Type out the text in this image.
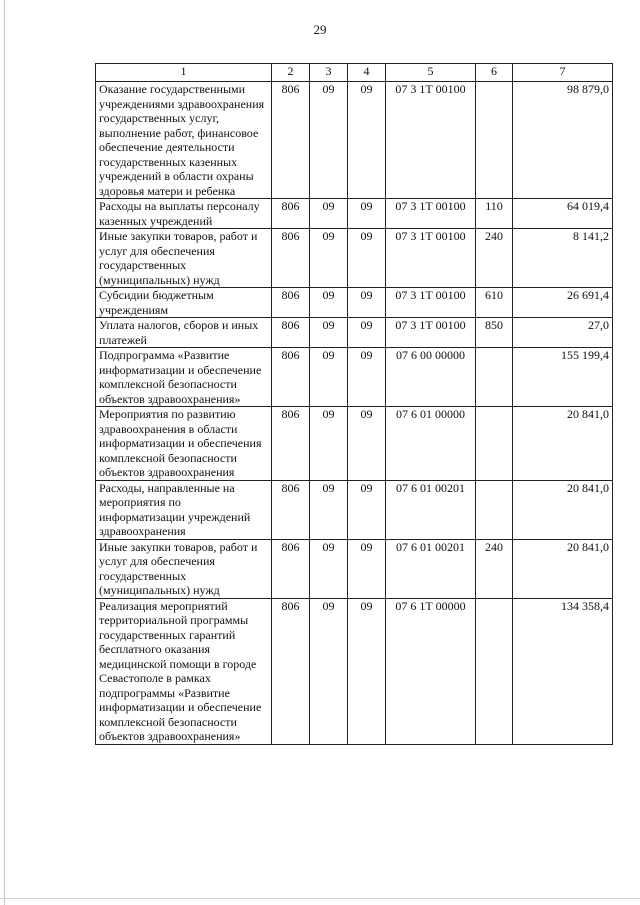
29
1	2	3	4	5	6	7
Оказание государственными учреждениями здравоохранения государственных услуг, выполнение работ, финансовое обеспечение деятельности государственных казенных учреждений в области охраны здоровья матери и ребенка	806	09	09	07 3 1Т 00100		98 879,0
Расходы на выплаты персоналу казенных учреждений	806	09	09	07 3 1Т 00100	110	64 019,4
Иные закупки товаров, работ и услуг для обеспечения государственных (муниципальных) нужд	806	09	09	07 3 1Т 00100	240	8 141,2
Субсидии бюджетным учреждениям	806	09	09	07 3 1Т 00100	610	26 691,4
Уплата налогов, сборов и иных платежей	806	09	09	07 3 1Т 00100	850	27,0
Подпрограмма «Развитие информатизации и обеспечение комплексной безопасности объектов здравоохранения»	806	09	09	07 6 00 00000		155 199,4
Мероприятия по развитию здравоохранения в области информатизации и обеспечения комплексной безопасности объектов здравоохранения	806	09	09	07 6 01 00000		20 841,0
Расходы, направленные на мероприятия по информатизации учреждений здравоохранения	806	09	09	07 6 01 00201		20 841,0
Иные закупки товаров, работ и услуг для обеспечения государственных (муниципальных) нужд	806	09	09	07 6 01 00201	240	20 841,0
Реализация мероприятий территориальной программы государственных гарантий бесплатного оказания медицинской помощи в городе Севастополе в рамках подпрограммы «Развитие информатизации и обеспечение комплексной безопасности объектов здравоохранения»	806	09	09	07 6 1Т 00000		134 358,4
